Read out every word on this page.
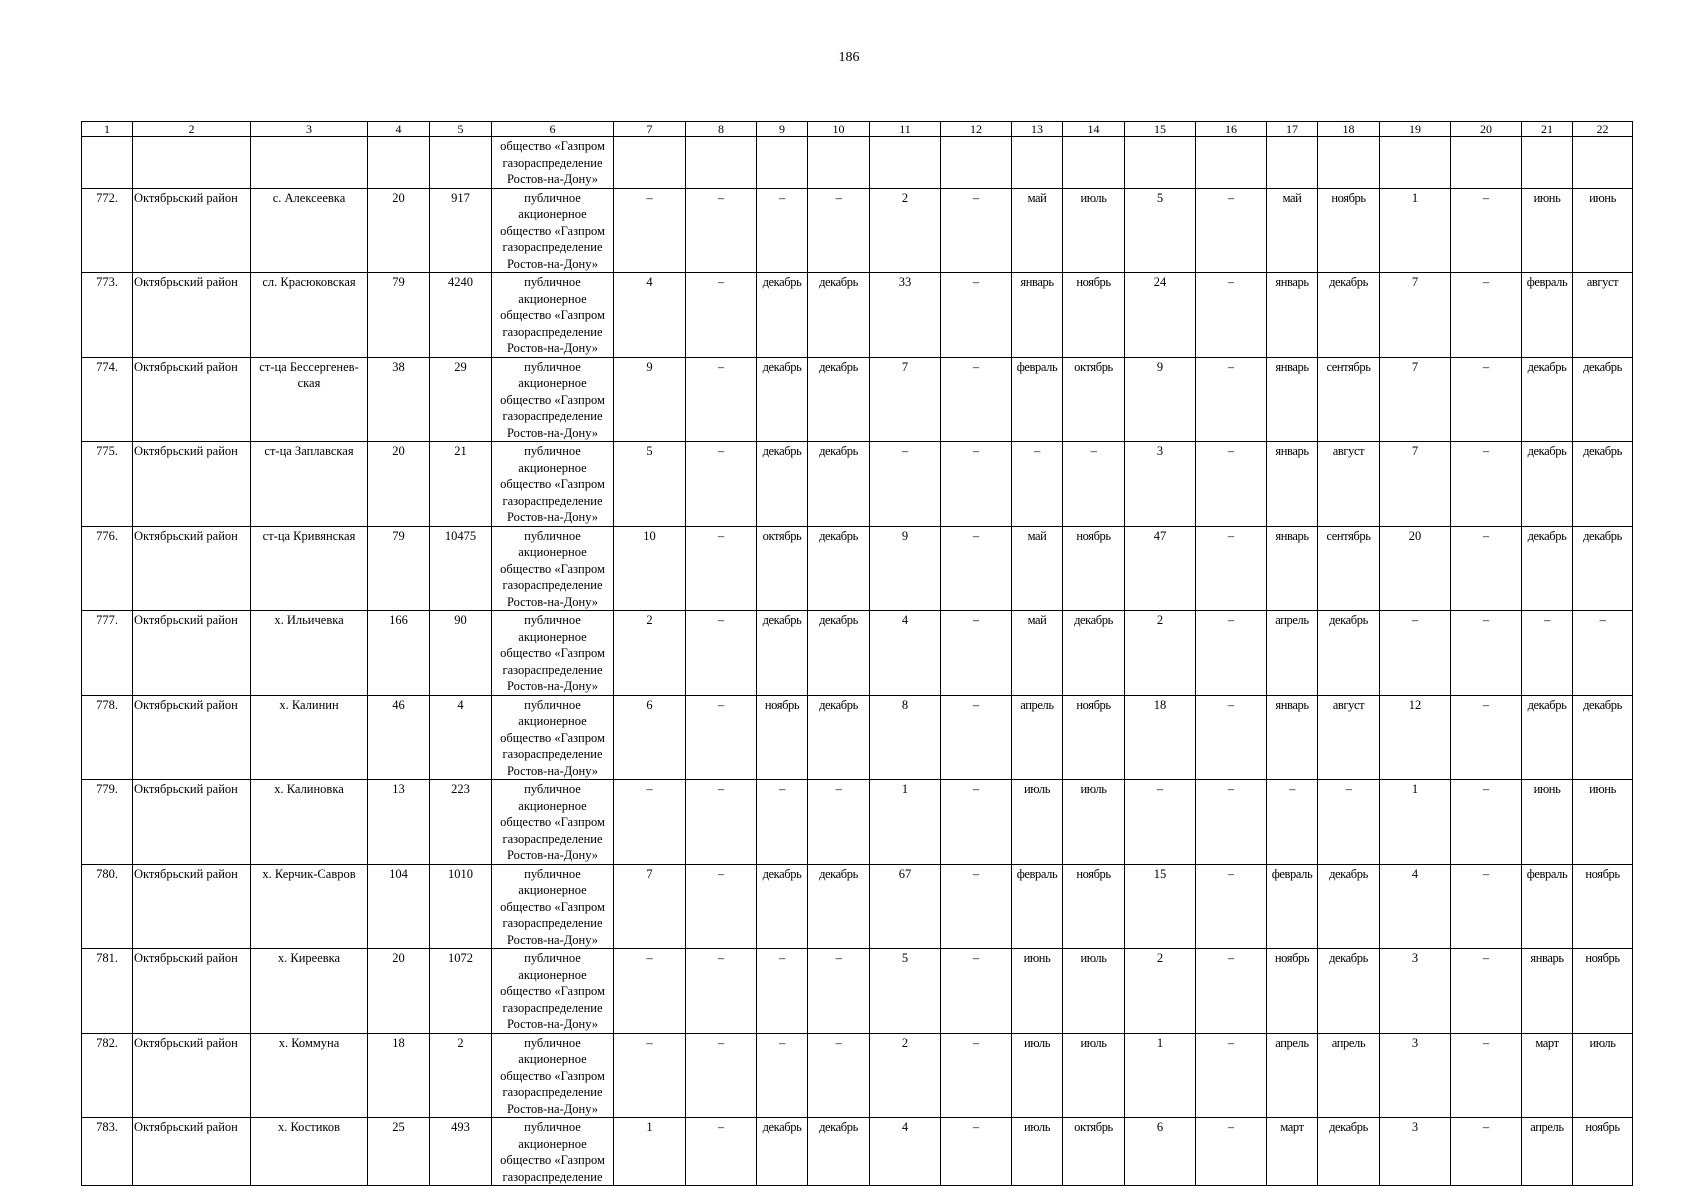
186
1	2	3	4	5	6	7	8	9	10	11	12	13	14	15	16	17	18	19	20	21	22
					общество «Газпром газораспределение Ростов-на-Дону»																
772.	Октябрьский район	с. Алексеевка	20	917	публичное акционерное общество «Газпром газораспределение Ростов-на-Дону»	–	–	–	–	2	–	май	июль	5	–	май	ноябрь	1	–	июнь	июнь
773.	Октябрьский район	сл. Красюковская	79	4240	публичное акционерное общество «Газпром газораспределение Ростов-на-Дону»	4	–	декабрь	декабрь	33	–	январь	ноябрь	24	–	январь	декабрь	7	–	февраль	август
774.	Октябрьский район	ст-ца Бессергенев-ская	38	29	публичное акционерное общество «Газпром газораспределение Ростов-на-Дону»	9	–	декабрь	декабрь	7	–	февраль	октябрь	9	–	январь	сентябрь	7	–	декабрь	декабрь
775.	Октябрьский район	ст-ца Заплавская	20	21	публичное акционерное общество «Газпром газораспределение Ростов-на-Дону»	5	–	декабрь	декабрь	–	–	–	–	3	–	январь	август	7	–	декабрь	декабрь
776.	Октябрьский район	ст-ца Кривянская	79	10475	публичное акционерное общество «Газпром газораспределение Ростов-на-Дону»	10	–	октябрь	декабрь	9	–	май	ноябрь	47	–	январь	сентябрь	20	–	декабрь	декабрь
777.	Октябрьский район	х. Ильичевка	166	90	публичное акционерное общество «Газпром газораспределение Ростов-на-Дону»	2	–	декабрь	декабрь	4	–	май	декабрь	2	–	апрель	декабрь	–	–	–	–
778.	Октябрьский район	х. Калинин	46	4	публичное акционерное общество «Газпром газораспределение Ростов-на-Дону»	6	–	ноябрь	декабрь	8	–	апрель	ноябрь	18	–	январь	август	12	–	декабрь	декабрь
779.	Октябрьский район	х. Калиновка	13	223	публичное акционерное общество «Газпром газораспределение Ростов-на-Дону»	–	–	–	–	1	–	июль	июль	–	–	–	–	1	–	июнь	июнь
780.	Октябрьский район	х. Керчик-Савров	104	1010	публичное акционерное общество «Газпром газораспределение Ростов-на-Дону»	7	–	декабрь	декабрь	67	–	февраль	ноябрь	15	–	февраль	декабрь	4	–	февраль	ноябрь
781.	Октябрьский район	х. Киреевка	20	1072	публичное акционерное общество «Газпром газораспределение Ростов-на-Дону»	–	–	–	–	5	–	июнь	июль	2	–	ноябрь	декабрь	3	–	январь	ноябрь
782.	Октябрьский район	х. Коммуна	18	2	публичное акционерное общество «Газпром газораспределение Ростов-на-Дону»	–	–	–	–	2	–	июль	июль	1	–	апрель	апрель	3	–	март	июль
783.	Октябрьский район	х. Костиков	25	493	публичное акционерное общество «Газпром газораспределение	1	–	декабрь	декабрь	4	–	июль	октябрь	6	–	март	декабрь	3	–	апрель	ноябрь
